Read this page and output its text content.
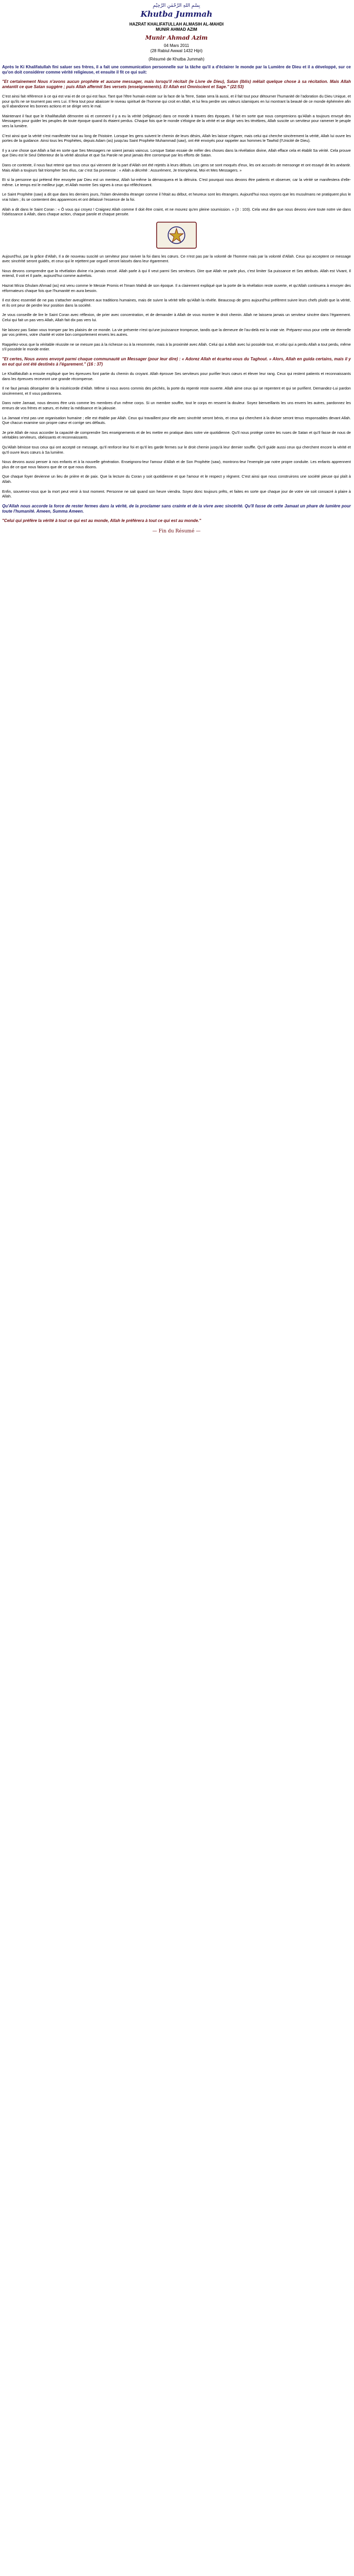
بِسْمِ اللهِ الرَّحْمٰنِ الرَّحِيْمِ
Khutba Jummah
HAZRAT KHALIFATULLAH ALMASIH AL-MAHDI
MUNIR AHMAD AZIM
Munir Ahmad Azim
04 Mars 2011
(28 Rabiul Awwal 1432 Hijri)
(Résumé de Khutba Jummah)
Après le Ki Khalifatullah fini saluer ses frères, il a fait une communication personnelle sur la tâche qu'il a d'éclairer le monde par la Lumière de Dieu et il a développé, sur ce qu'on doit considérer comme vérité religieuse, et ensuite il fit ce qui suit:
"Et certainement Nous n'avons aucun prophète et aucune messager, mais lorsqu'il récitait (le Livre de Dieu), Satan (Iblis) mêlait quelque chose à sa récitation. Mais Allah anéantit ce que Satan suggère ; puis Allah affermit Ses versets (enseignements). Et Allah est Omniscient et Sage." (22:53)
C'est ainsi fait référence à ce qui est vrai et de ce qui est faux. Tant que l'être humain existe sur la face de la Terre, Satan sera là aussi, et il fait tout pour détourner l'humanité de l'adoration du Dieu Unique, et pour qu'ils ne se tournent pas vers Lui. Il fera tout pour abaisser le niveau spirituel de l'homme qui croit en Allah, et lui fera perdre ses valeurs islamiques en lui montrant la beauté de ce monde éphémère afin qu'il abandonne les bonnes actions et se dirige vers le mal.
Maintenant il faut que le Khalifatullah démontre où et comment il y a eu la vérité (religieuse) dans ce monde à travers des époques. Il fait en sorte que nous comprenions qu'Allah a toujours envoyé des Messagers pour guider les peuples de toute époque quand ils étaient perdus. Chaque fois que le monde s'éloigne de la vérité et se dirige vers les ténèbres, Allah suscite un serviteur pour ramener le peuple vers la lumière.
C'est ainsi que la vérité s'est manifestée tout au long de l'histoire. Lorsque les gens suivent le chemin de leurs désirs, Allah les laisse s'égarer, mais celui qui cherche sincèrement la vérité, Allah lui ouvre les portes de la guidance. Ainsi tous les Prophètes, depuis Adam (as) jusqu'au Saint Prophète Muhammad (saw), ont été envoyés pour rappeler aux hommes le Tawhid (l'Unicité de Dieu).
Il y a une chose que Allah a fait en sorte que Ses Messagers ne soient jamais vaincus. Lorsque Satan essaie de mêler des choses dans la révélation divine, Allah efface cela et établit Sa vérité. Cela prouve que Dieu est le Seul Détenteur de la vérité absolue et que Sa Parole ne peut jamais être corrompue par les efforts de Satan.
Dans ce contexte, il nous faut retenir que tous ceux qui viennent de la part d'Allah ont été rejetés à leurs débuts. Les gens se sont moqués d'eux, les ont accusés de mensonge et ont essayé de les anéantir. Mais Allah a toujours fait triompher Ses élus, car c'est Sa promesse : « Allah a décrété : Assurément, Je triompherai, Moi et Mes Messagers. »
Et si la personne qui prétend être envoyée par Dieu est un menteur, Allah lui-même la démasquera et la détruira. C'est pourquoi nous devons être patients et observer, car la vérité se manifestera d'elle-même. Le temps est le meilleur juge, et Allah montre Ses signes à ceux qui réfléchissent.
Le Saint Prophète (saw) a dit que dans les derniers jours, l'Islam deviendra étranger comme il l'était au début, et heureux sont les étrangers. Aujourd'hui nous voyons que les musulmans ne pratiquent plus le vrai Islam ; ils se contentent des apparences et ont délaissé l'essence de la foi.
Allah a dit dans le Saint Coran : « Ô vous qui croyez ! Craignez Allah comme Il doit être craint, et ne mourez qu'en pleine soumission. » (3 : 103). Cela veut dire que nous devons vivre toute notre vie dans l'obéissance à Allah, dans chaque action, chaque parole et chaque pensée.
Aujourd'hui, par la grâce d'Allah, Il a de nouveau suscité un serviteur pour raviver la foi dans les cœurs. Ce n'est pas par la volonté de l'homme mais par la volonté d'Allah. Ceux qui acceptent ce message avec sincérité seront guidés, et ceux qui le rejettent par orgueil seront laissés dans leur égarement.
Nous devons comprendre que la révélation divine n'a jamais cessé. Allah parle à qui Il veut parmi Ses serviteurs. Dire que Allah ne parle plus, c'est limiter Sa puissance et Ses attributs. Allah est Vivant, Il entend, Il voit et Il parle, aujourd'hui comme autrefois.
Hazrat Mirza Ghulam Ahmad (as) est venu comme le Messie Promis et l'Imam Mahdi de son époque. Il a clairement expliqué que la porte de la révélation reste ouverte, et qu'Allah continuera à envoyer des réformateurs chaque fois que l'humanité en aura besoin.
Il est donc essentiel de ne pas s'attacher aveuglément aux traditions humaines, mais de suivre la vérité telle qu'Allah la révèle. Beaucoup de gens aujourd'hui préfèrent suivre leurs chefs plutôt que la vérité, et ils ont peur de perdre leur position dans la société.
Je vous conseille de lire le Saint Coran avec réflexion, de prier avec concentration, et de demander à Allah de vous montrer le droit chemin. Allah ne laissera jamais un serviteur sincère dans l'égarement. Celui qui fait un pas vers Allah, Allah fait dix pas vers lui.
Ne laissez pas Satan vous tromper par les plaisirs de ce monde. La vie présente n'est qu'une jouissance trompeuse, tandis que la demeure de l'au-delà est la vraie vie. Préparez-vous pour cette vie éternelle par vos prières, votre charité et votre bon comportement envers les autres.
Rappelez-vous que la véritable réussite ne se mesure pas à la richesse ou à la renommée, mais à la proximité avec Allah. Celui qui a Allah avec lui possède tout, et celui qui a perdu Allah a tout perdu, même s'il possède le monde entier.
"Et certes, Nous avons envoyé parmi chaque communauté un Messager (pour leur dire) : « Adorez Allah et écartez-vous du Taghout. » Alors, Allah en guida certains, mais il y en eut qui ont été destinés à l'égarement." (16 : 37)
Le Khalifatullah a ensuite expliqué que les épreuves font partie du chemin du croyant. Allah éprouve Ses serviteurs pour purifier leurs cœurs et élever leur rang. Ceux qui restent patients et reconnaissants dans les épreuves recevront une grande récompense.
Il ne faut jamais désespérer de la miséricorde d'Allah. Même si nous avons commis des péchés, la porte du repentir reste ouverte. Allah aime ceux qui se repentent et qui se purifient. Demandez-Lui pardon sincèrement, et Il vous pardonnera.
Dans notre Jamaat, nous devons être unis comme les membres d'un même corps. Si un membre souffre, tout le corps en ressent la douleur. Soyez bienveillants les uns envers les autres, pardonnez les erreurs de vos frères et sœurs, et évitez la médisance et la jalousie.
La Jamaat n'est pas une organisation humaine ; elle est établie par Allah. Ceux qui travaillent pour elle avec sincérité seront bénis, et ceux qui cherchent à la diviser seront tenus responsables devant Allah. Que chacun examine son propre cœur et corrige ses défauts.
Je prie Allah de nous accorder la capacité de comprendre Ses enseignements et de les mettre en pratique dans notre vie quotidienne. Qu'Il nous protège contre les ruses de Satan et qu'Il fasse de nous de véritables serviteurs, obéissants et reconnaissants.
Qu'Allah bénisse tous ceux qui ont accepté ce message, qu'Il renforce leur foi et qu'Il les garde fermes sur le droit chemin jusqu'à leur dernier souffle. Qu'Il guide aussi ceux qui cherchent encore la vérité et qu'Il ouvre leurs cœurs à Sa lumière.
Nous devons aussi penser à nos enfants et à la nouvelle génération. Enseignons-leur l'amour d'Allah et de Son Prophète (saw), montrons-leur l'exemple par notre propre conduite. Les enfants apprennent plus de ce que nous faisons que de ce que nous disons.
Que chaque foyer devienne un lieu de prière et de paix. Que la lecture du Coran y soit quotidienne et que l'amour et le respect y règnent. C'est ainsi que nous construirons une société pieuse qui plaît à Allah.
Enfin, souvenez-vous que la mort peut venir à tout moment. Personne ne sait quand son heure viendra. Soyez donc toujours prêts, et faites en sorte que chaque jour de votre vie soit consacré à plaire à Allah.
Qu'Allah nous accorde la force de rester fermes dans la vérité, de la proclamer sans crainte et de la vivre avec sincérité. Qu'Il fasse de cette Jamaat un phare de lumière pour toute l'humanité. Ameen, Summa Ameen.
"Celui qui préfère la vérité à tout ce qui est au monde, Allah le préférera à tout ce qui est au monde."
— Fin du Résumé —
